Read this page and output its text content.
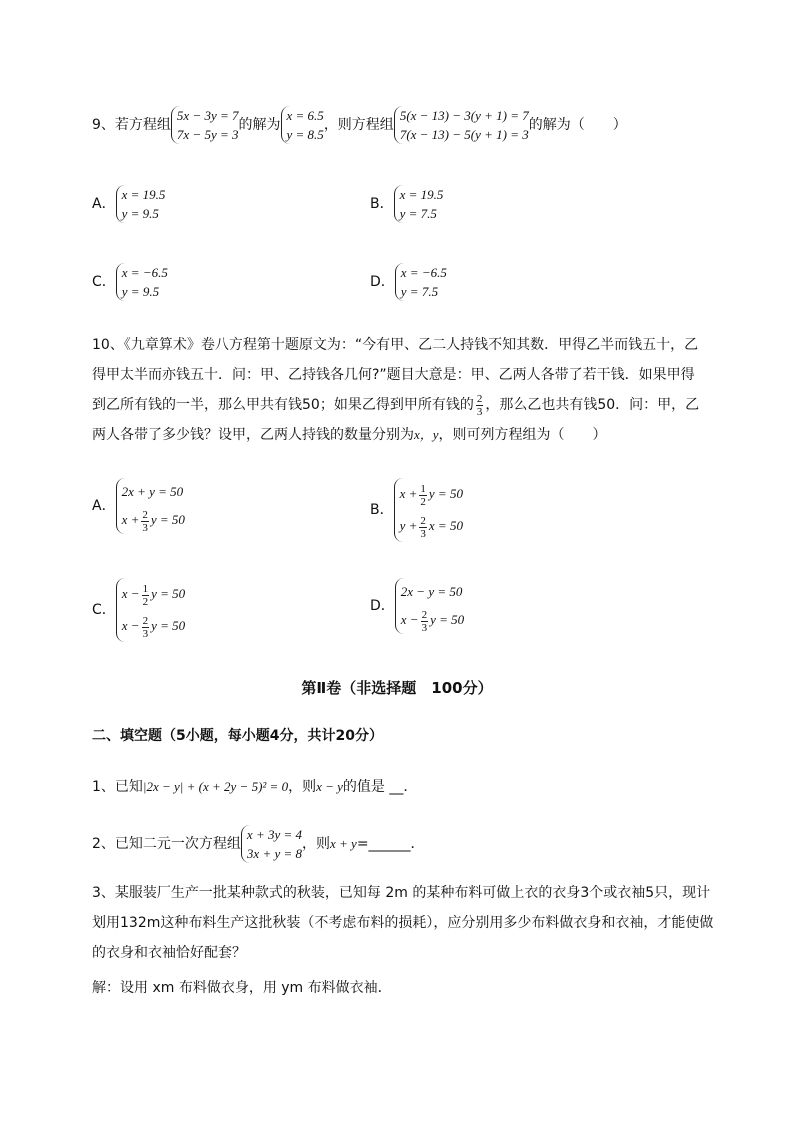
9、若方程组
5x − 3y = 7
7x − 5y = 3
的解为
x = 6.5
y = 8.5
，则方程组
5(x − 13) − 3(y + 1) = 7
7(x − 13) − 5(y + 1) = 3
的解为（　　）
A．
x = 19.5
y = 9.5
B．
x = 19.5
y = 7.5
C．
x = −6.5
y = 9.5
D．
x = −6.5
y = 7.5
10、《九章算术》卷八方程第十题原文为：“今有甲、乙二人持钱不知其数．甲得乙半而钱五十，乙
得甲太半而亦钱五十．问：甲、乙持钱各几何?”题目大意是：甲、乙两人各带了若干钱．如果甲得
到乙所有钱的一半，那么甲共有钱50；如果乙得到甲所有钱的 $\frac{2}{3}$ ，那么乙也共有钱50．问：甲，乙
两人各带了多少钱？设甲，乙两人持钱的数量分别为x，y，则可列方程组为（　　）
A．
2x + y = 50
$x + \frac{2}{3}$ y = 50
B．
$x + \frac{1}{2}$ y = 50
$y + \frac{2}{3}$ x = 50
C．
$x - \frac{1}{2}$ y = 50
$x - \frac{2}{3}$ y = 50
D．
2x − y = 50
$x - \frac{2}{3}$ y = 50
第Ⅱ卷（非选择题　100分）
二、填空题（5小题，每小题4分，共计20分）
1、已知|2x − y| + (x + 2y − 5)² = 0，则x − y的值是 __．
2、已知二元一次方程组
x + 3y = 4
3x + y = 8
，则x + y=______．
3、某服装厂生产一批某种款式的秋装，已知每 2m 的某种布料可做上衣的衣身3个或衣袖5只，现计
划用132m这种布料生产这批秋装（不考虑布料的损耗），应分别用多少布料做衣身和衣袖，才能使做
的衣身和衣袖恰好配套？
解：设用 xm 布料做衣身，用 ym 布料做衣袖．
